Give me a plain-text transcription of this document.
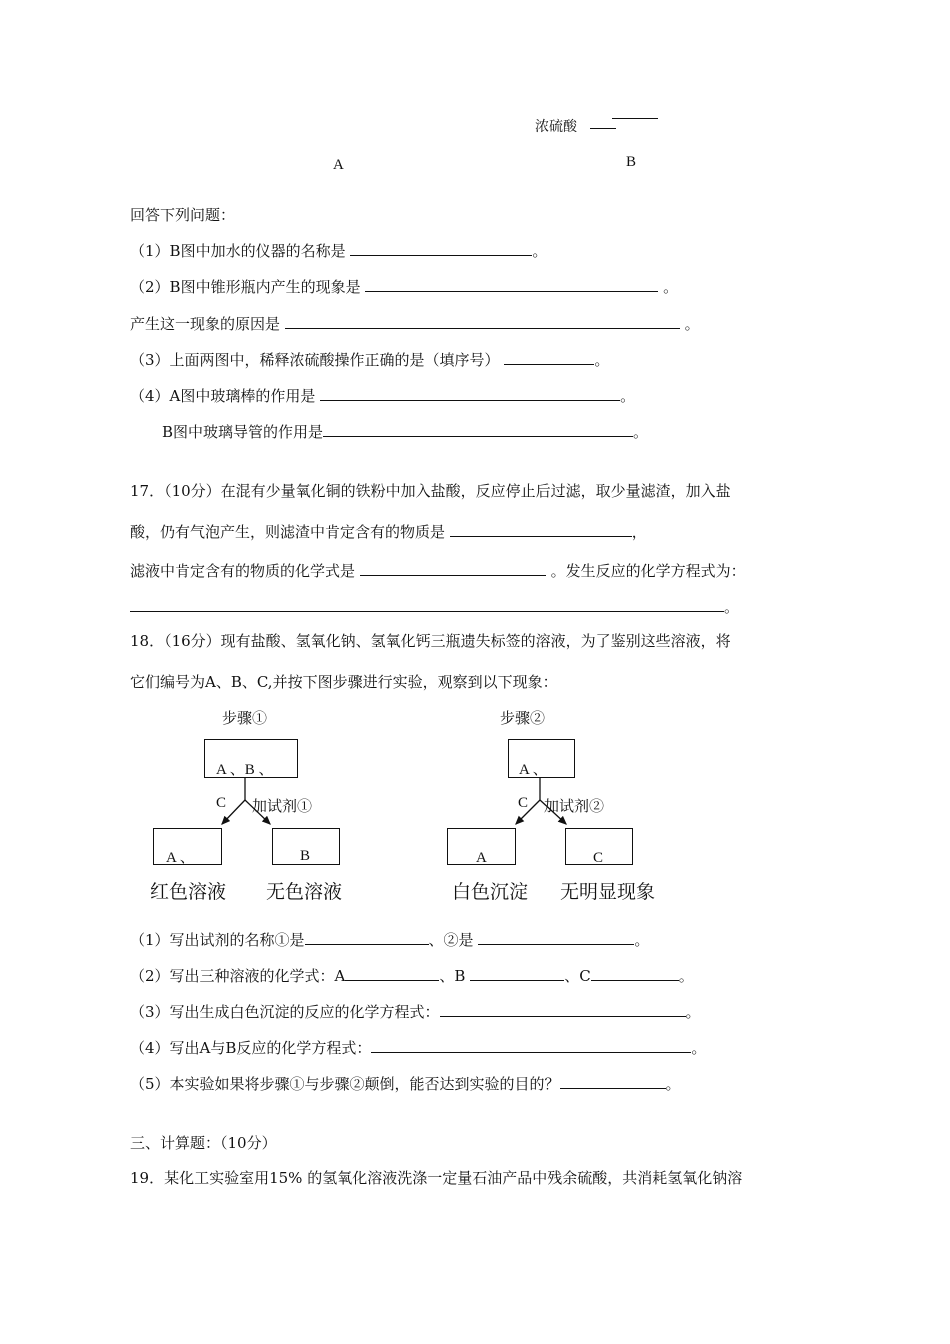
浓硫酸
A	B
回答下列问题：
（1）B图中加水的仪器的名称是	。
（2）B图中锥形瓶内产生的现象是	。
产生这一现象的原因是	。
（3）上面两图中，稀释浓硫酸操作正确的是（填序号）	。
（4）A图中玻璃棒的作用是	。
B图中玻璃导管的作用是	。
17．（10分）在混有少量氧化铜的铁粉中加入盐酸，反应停止后过滤，取少量滤渣，加入盐
酸，仍有气泡产生，则滤渣中肯定含有的物质是	，
滤液中肯定含有的物质的化学式是	。发生反应的化学方程式为：
。
18．（16分）现有盐酸、氢氧化钠、氢氧化钙三瓶遗失标签的溶液，为了鉴别这些溶液，将
它们编号为A、B、C,并按下图步骤进行实验，观察到以下现象：
步骤①
A 、B 、
C 加试剂①
A 、	B
红色溶液 无色溶液
步骤②
A 、
C 加试剂②
A	C
白色沉淀 无明显现象
（1）写出试剂的名称①是	、②是	。
（2）写出三种溶液的化学式：A	、B	、C	。
（3）写出生成白色沉淀的反应的化学方程式：	。
（4）写出A与B反应的化学方程式：	。
（5）本实验如果将步骤①与步骤②颠倒，能否达到实验的目的？	。
三、计算题：（10分）
19．某化工实验室用15% 的氢氧化溶液洗涤一定量石油产品中残余硫酸，共消耗氢氧化钠溶
